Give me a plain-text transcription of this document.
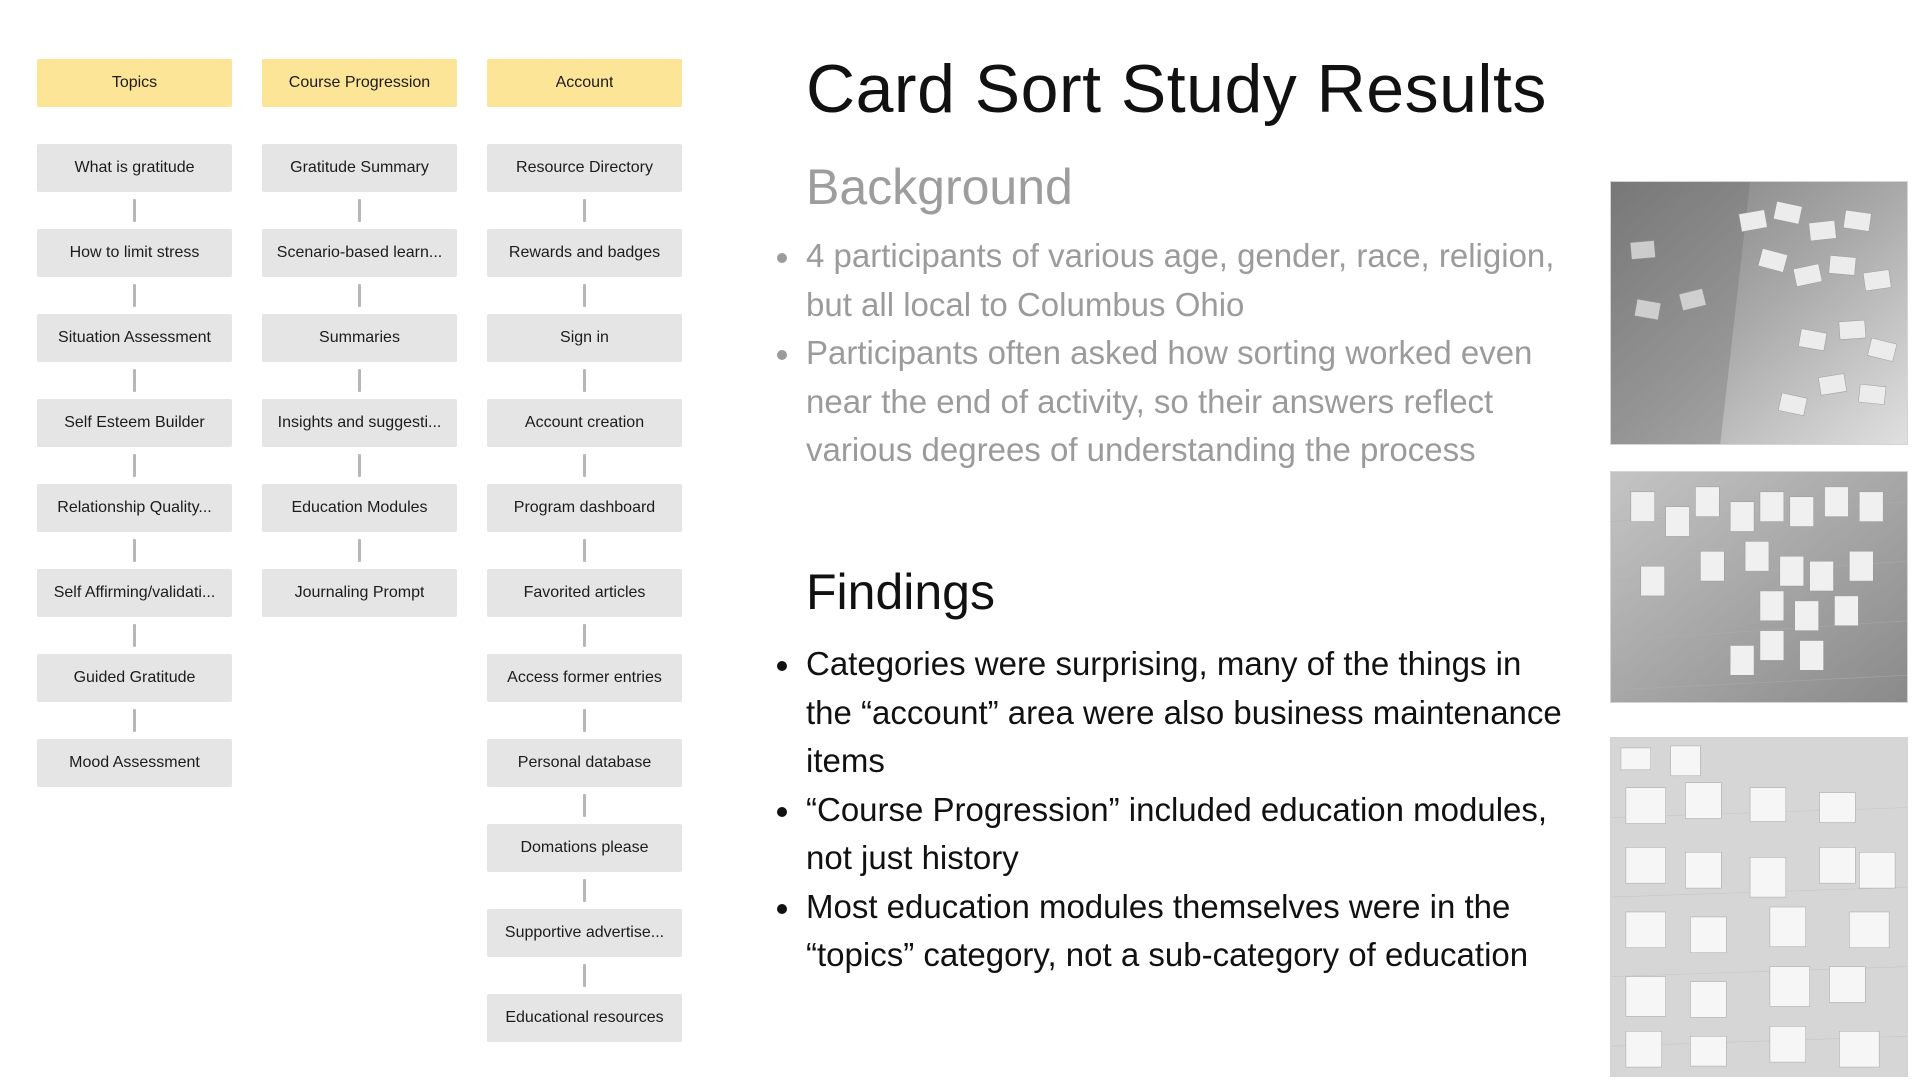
Topics
What is gratitude
How to limit stress
Situation Assessment
Self Esteem Builder
Relationship Quality...
Self Affirming/validati...
Guided Gratitude
Mood Assessment
Course Progression
Gratitude Summary
Scenario-based learn...
Summaries
Insights and suggesti...
Education Modules
Journaling Prompt
Account
Resource Directory
Rewards and badges
Sign in
Account creation
Program dashboard
Favorited articles
Access former entries
Personal database
Domations please
Supportive advertise...
Educational resources
Card Sort Study Results
Background
4 participants of various age, gender, race, religion, but all local to Columbus Ohio
Participants often asked how sorting worked even near the end of activity, so their answers reflect various degrees of understanding the process
Findings
Categories were surprising, many of the things in the “account” area were also business maintenance items
“Course Progression” included education modules, not just history
Most education modules themselves were in the “topics” category, not a sub-category of education
